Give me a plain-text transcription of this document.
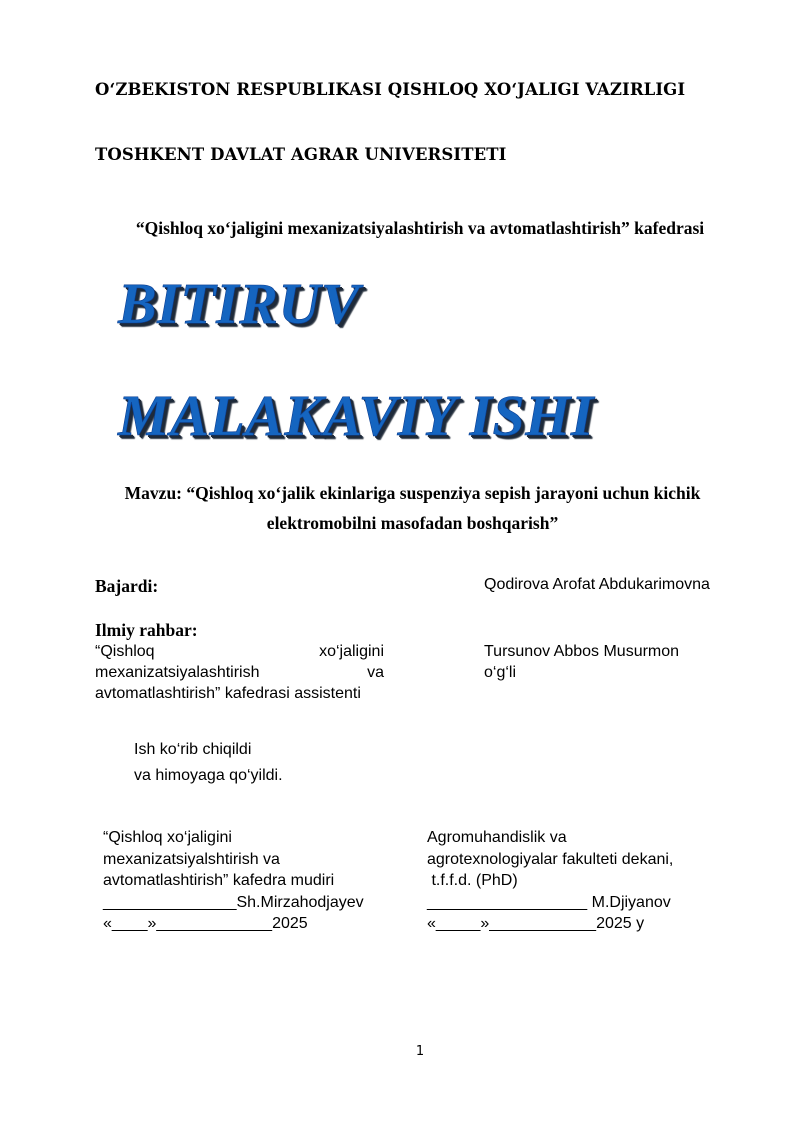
O‘ZBEKISTON RESPUBLIKASI QISHLOQ XO‘JALIGI VAZIRLIGI
TOSHKENT DAVLAT AGRAR UNIVERSITETI
“Qishloq xo‘jaligini mexanizatsiyalashtirish va avtomatlashtirish” kafedrasi
BITIRUV
MALAKAVIY ISHI
Mavzu: “Qishloq xo‘jalik ekinlariga suspenziya sepish jarayoni uchun kichik elektromobilni masofadan boshqarish”
Bajardi:	Qodirova Arofat Abdukarimovna
Ilmiy rahbar:
“Qishloq xo‘jaligini
mexanizatsiyalashtirish va
avtomatlashtirish” kafedrasi assistenti
Tursunov Abbos Musurmon
o‘g‘li
Ish ko‘rib chiqildi
va himoyaga qo‘yildi.
“Qishloq xo‘jaligini
mexanizatsiyalshtirish va
avtomatlashtirish” kafedra mudiri
_______________Sh.Mirzahodjayev
«____»_____________2025
Agromuhandislik va
agrotexnologiyalar fakulteti dekani,
t.f.f.d. (PhD)
__________________ M.Djiyanov
«_____»____________2025 y
1
